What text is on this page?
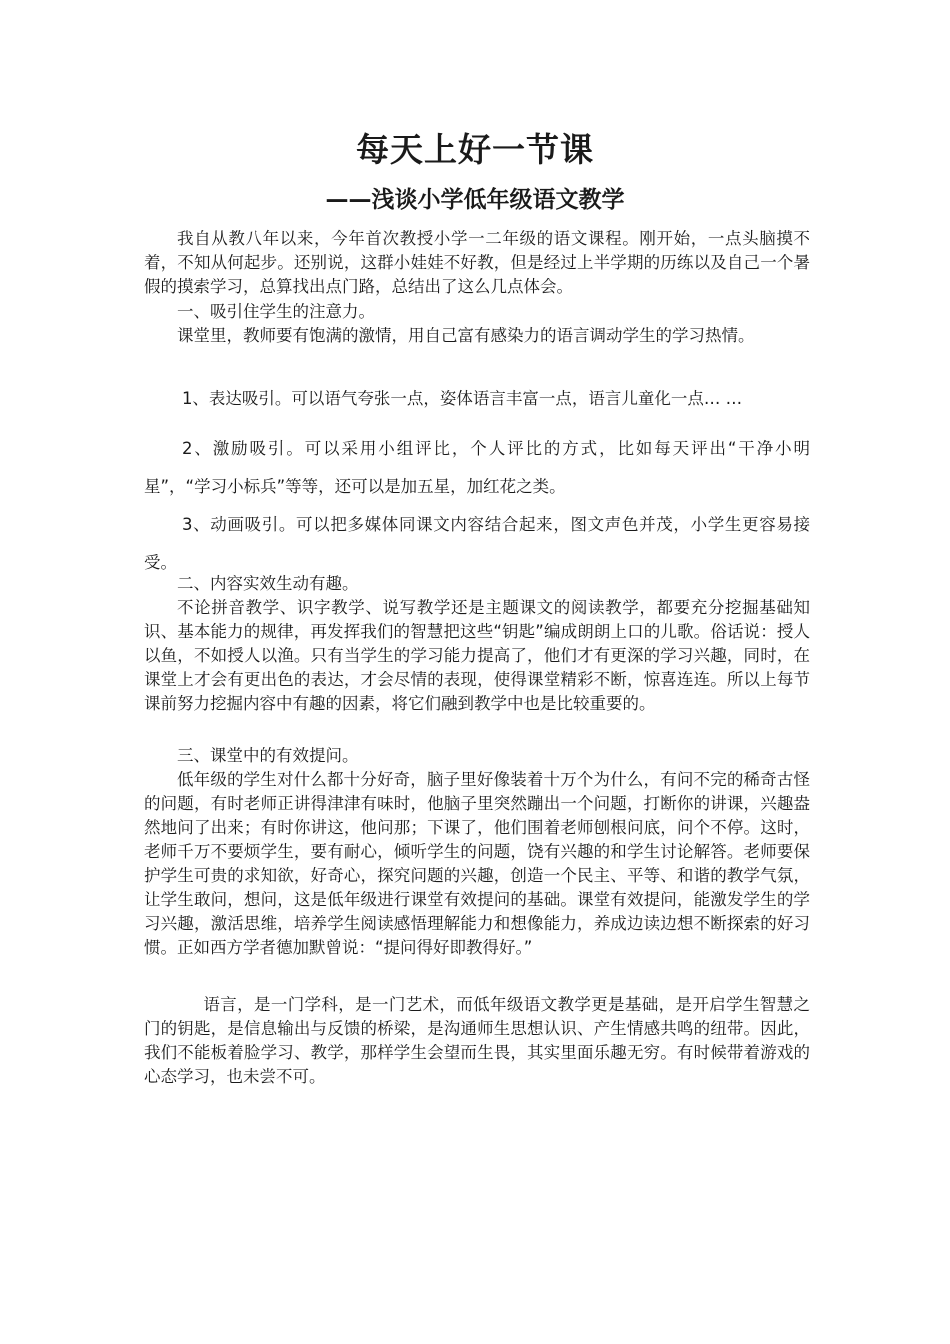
每天上好一节课
——浅谈小学低年级语文教学

我自从教八年以来，今年首次教授小学一二年级的语文课程。刚开始，一点头脑摸不着，不知从何起步。还别说，这群小娃娃不好教，但是经过上半学期的历练以及自己一个暑假的摸索学习，总算找出点门路，总结出了这么几点体会。

一、吸引住学生的注意力。

课堂里，教师要有饱满的激情，用自己富有感染力的语言调动学生的学习热情。

1、表达吸引。可以语气夸张一点，姿体语言丰富一点，语言儿童化一点… …

2、激励吸引。可以采用小组评比，个人评比的方式，比如每天评出“干净小明星”，“学习小标兵”等等，还可以是加五星，加红花之类。

3、动画吸引。可以把多媒体同课文内容结合起来，图文声色并茂，小学生更容易接受。

二、内容实效生动有趣。

不论拼音教学、识字教学、说写教学还是主题课文的阅读教学，都要充分挖掘基础知识、基本能力的规律，再发挥我们的智慧把这些“钥匙”编成朗朗上口的儿歌。俗话说：授人以鱼，不如授人以渔。只有当学生的学习能力提高了，他们才有更深的学习兴趣，同时，在课堂上才会有更出色的表达，才会尽情的表现，使得课堂精彩不断，惊喜连连。所以上每节课前努力挖掘内容中有趣的因素，将它们融到教学中也是比较重要的。

三、课堂中的有效提问。

低年级的学生对什么都十分好奇，脑子里好像装着十万个为什么，有问不完的稀奇古怪的问题，有时老师正讲得津津有味时，他脑子里突然蹦出一个问题，打断你的讲课，兴趣盎然地问了出来；有时你讲这，他问那；下课了，他们围着老师刨根问底，问个不停。这时，老师千万不要烦学生，要有耐心，倾听学生的问题，饶有兴趣的和学生讨论解答。老师要保护学生可贵的求知欲，好奇心，探究问题的兴趣，创造一个民主、平等、和谐的教学气氛，让学生敢问，想问，这是低年级进行课堂有效提问的基础。课堂有效提问，能激发学生的学习兴趣，激活思维，培养学生阅读感悟理解能力和想像能力，养成边读边想不断探索的好习惯。正如西方学者德加默曾说：“提问得好即教得好。”

语言，是一门学科，是一门艺术，而低年级语文教学更是基础，是开启学生智慧之门的钥匙，是信息输出与反馈的桥梁，是沟通师生思想认识、产生情感共鸣的纽带。因此，我们不能板着脸学习、教学，那样学生会望而生畏，其实里面乐趣无穷。有时候带着游戏的心态学习，也未尝不可。
